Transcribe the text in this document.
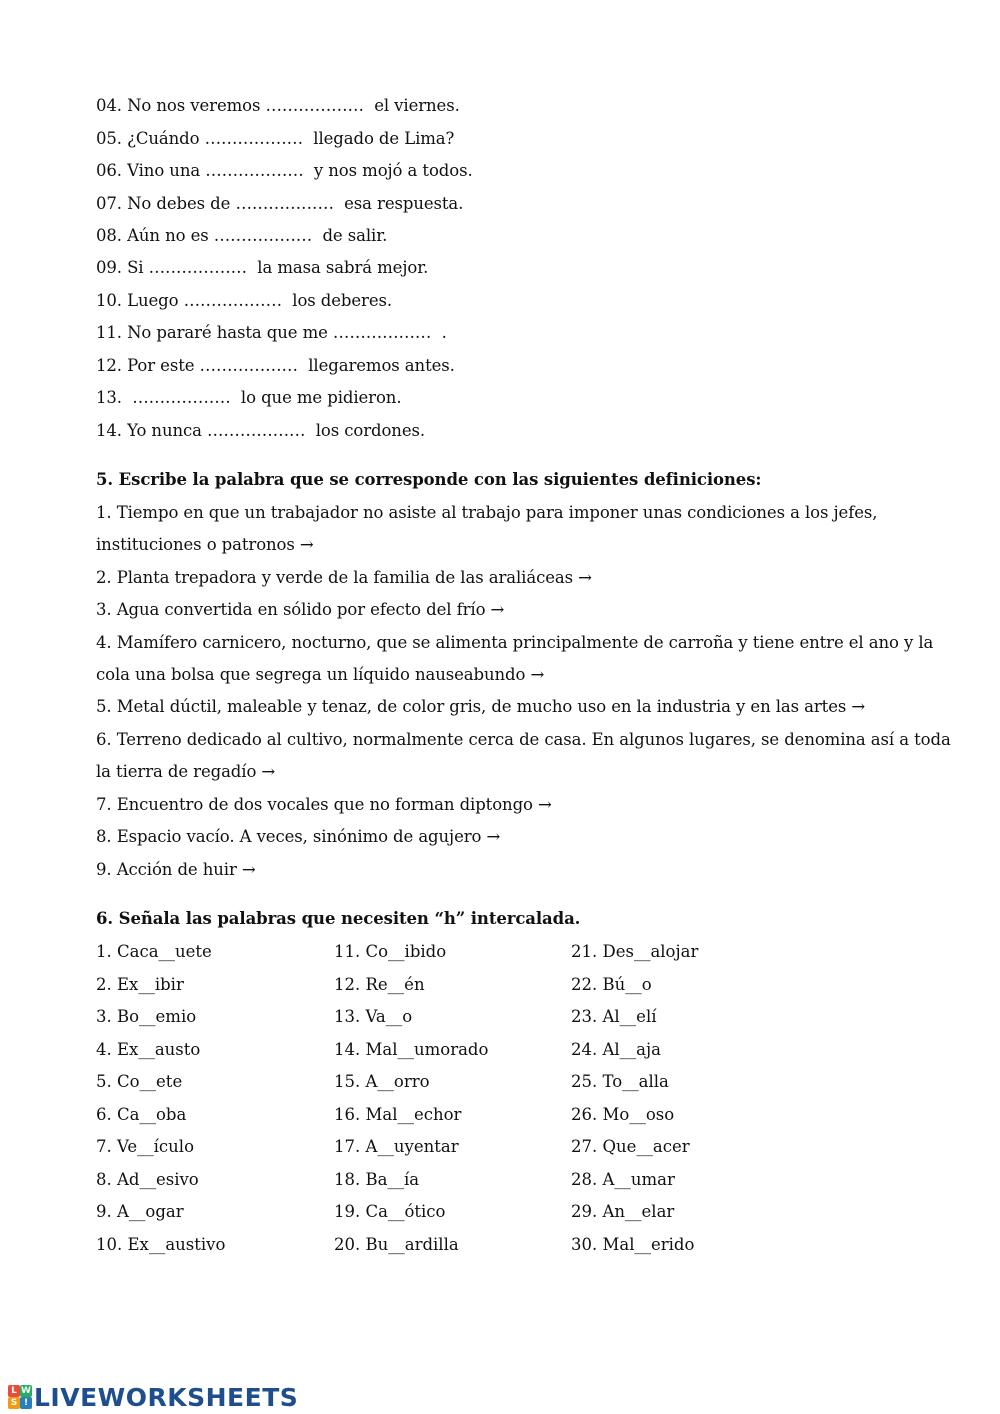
04. No nos veremos ………………  el viernes.
05. ¿Cuándo ………………  llegado de Lima?
06. Vino una ………………  y nos mojó a todos.
07. No debes de ………………  esa respuesta.
08. Aún no es ………………  de salir.
09. Si ………………  la masa sabrá mejor.
10. Luego ………………  los deberes.
11. No pararé hasta que me ………………  .
12. Por este ………………  llegaremos antes.
13.  ………………  lo que me pidieron.
14. Yo nunca ………………  los cordones.
5. Escribe la palabra que se corresponde con las siguientes definiciones:
1. Tiempo en que un trabajador no asiste al trabajo para imponer unas condiciones a los jefes,
instituciones o patronos →
2. Planta trepadora y verde de la familia de las araliáceas →
3. Agua convertida en sólido por efecto del frío →
4. Mamífero carnicero, nocturno, que se alimenta principalmente de carroña y tiene entre el ano y la
cola una bolsa que segrega un líquido nauseabundo →
5. Metal dúctil, maleable y tenaz, de color gris, de mucho uso en la industria y en las artes →
6. Terreno dedicado al cultivo, normalmente cerca de casa. En algunos lugares, se denomina así a toda
la tierra de regadío →
7. Encuentro de dos vocales que no forman diptongo →
8. Espacio vacío. A veces, sinónimo de agujero →
9. Acción de huir →
6. Señala las palabras que necesiten “h” intercalada.
1. Caca__uete
2. Ex__ibir
3. Bo__emio
4. Ex__austo
5. Co__ete
6. Ca__oba
7. Ve__ículo
8. Ad__esivo
9. A__ogar
10. Ex__austivo
11. Co__ibido
12. Re__én
13. Va__o
14. Mal__umorado
15. A__orro
16. Mal__echor
17. A__uyentar
18. Ba__ía
19. Ca__ótico
20. Bu__ardilla
21. Des__alojar
22. Bú__o
23. Al__elí
24. Al__aja
25. To__alla
26. Mo__oso
27. Que__acer
28. A__umar
29. An__elar
30. Mal__erido
L W
S ! LIVEWORKSHEETS
